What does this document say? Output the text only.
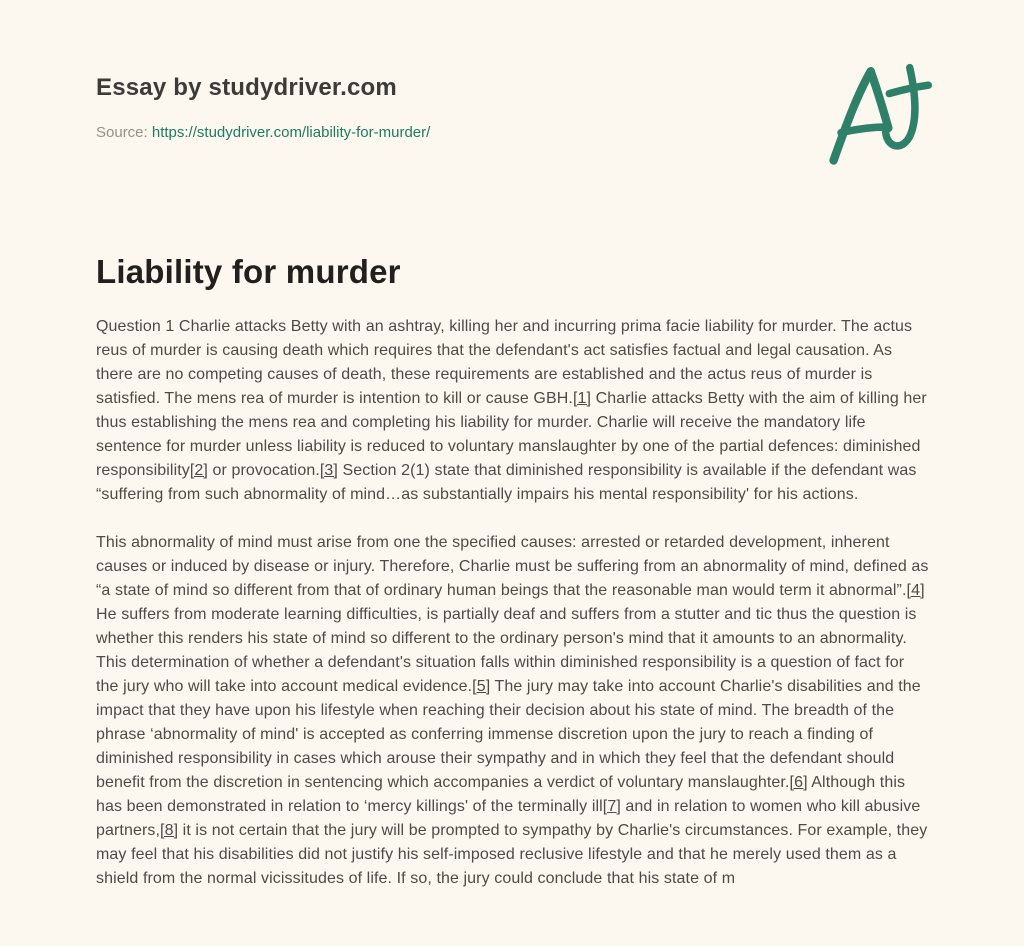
Essay by studydriver.com
Source: https://studydriver.com/liability-for-murder/
Liability for murder

Question 1 Charlie attacks Betty with an ashtray, killing her and incurring prima facie liability for murder. The actus reus of murder is causing death which requires that the defendant's act satisfies factual and legal causation. As there are no competing causes of death, these requirements are established and the actus reus of murder is satisfied. The mens rea of murder is intention to kill or cause GBH.[1] Charlie attacks Betty with the aim of killing her thus establishing the mens rea and completing his liability for murder. Charlie will receive the mandatory life sentence for murder unless liability is reduced to voluntary manslaughter by one of the partial defences: diminished responsibility[2] or provocation.[3] Section 2(1) state that diminished responsibility is available if the defendant was “suffering from such abnormality of mind…as substantially impairs his mental responsibility' for his actions.

This abnormality of mind must arise from one the specified causes: arrested or retarded development, inherent causes or induced by disease or injury. Therefore, Charlie must be suffering from an abnormality of mind, defined as “a state of mind so different from that of ordinary human beings that the reasonable man would term it abnormal”.[4] He suffers from moderate learning difficulties, is partially deaf and suffers from a stutter and tic thus the question is whether this renders his state of mind so different to the ordinary person's mind that it amounts to an abnormality. This determination of whether a defendant's situation falls within diminished responsibility is a question of fact for the jury who will take into account medical evidence.[5] The jury may take into account Charlie's disabilities and the impact that they have upon his lifestyle when reaching their decision about his state of mind. The breadth of the phrase ‘abnormality of mind' is accepted as conferring immense discretion upon the jury to reach a finding of diminished responsibility in cases which arouse their sympathy and in which they feel that the defendant should benefit from the discretion in sentencing which accompanies a verdict of voluntary manslaughter.[6] Although this has been demonstrated in relation to ‘mercy killings' of the terminally ill[7] and in relation to women who kill abusive partners,[8] it is not certain that the jury will be prompted to sympathy by Charlie's circumstances. For example, they may feel that his disabilities did not justify his self-imposed reclusive lifestyle and that he merely used them as a shield from the normal vicissitudes of life. If so, the jury could conclude that his state of m
